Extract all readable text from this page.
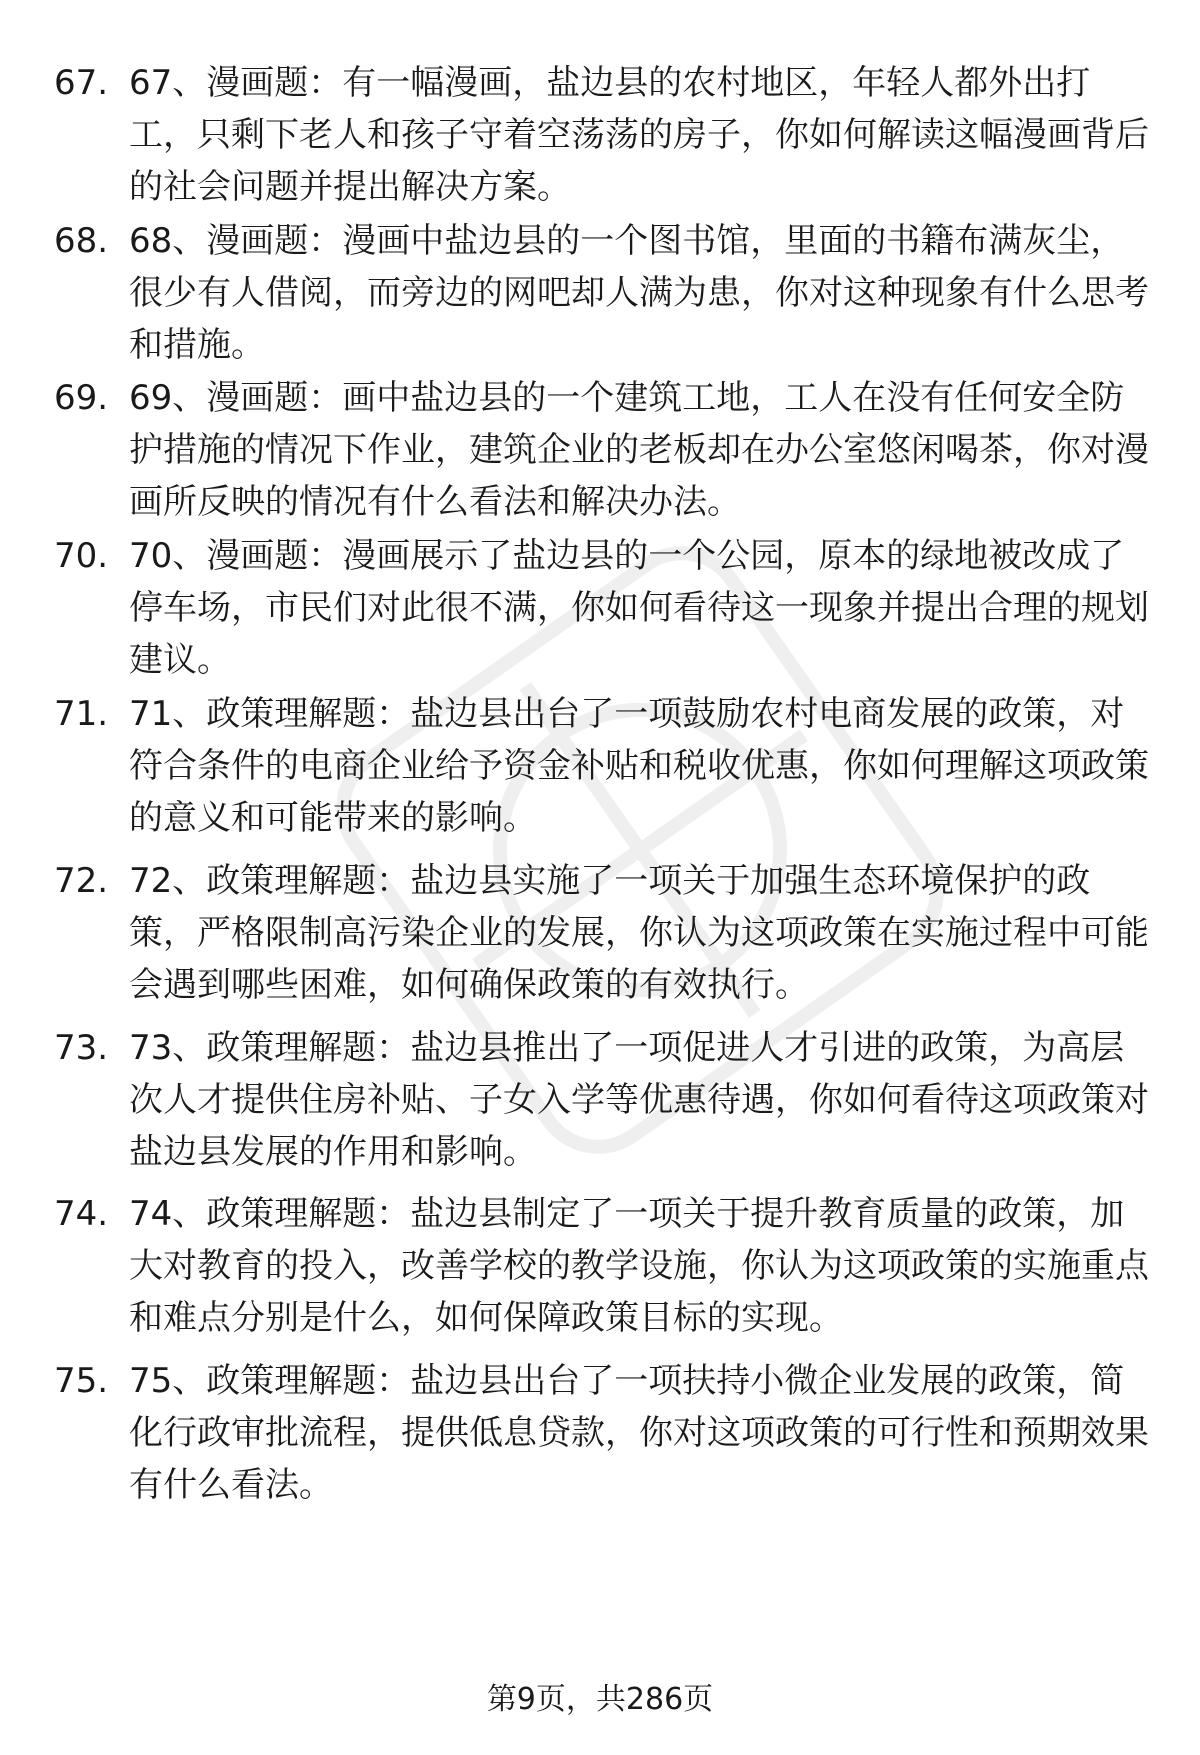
67. 67、漫画题：有一幅漫画，盐边县的农村地区，年轻人都外出打工，只剩下老人和孩子守着空荡荡的房子，你如何解读这幅漫画背后的社会问题并提出解决方案。
68. 68、漫画题：漫画中盐边县的一个图书馆，里面的书籍布满灰尘，很少有人借阅，而旁边的网吧却人满为患，你对这种现象有什么思考和措施。
69. 69、漫画题：画中盐边县的一个建筑工地，工人在没有任何安全防护措施的情况下作业，建筑企业的老板却在办公室悠闲喝茶，你对漫画所反映的情况有什么看法和解决办法。
70. 70、漫画题：漫画展示了盐边县的一个公园，原本的绿地被改成了停车场，市民们对此很不满，你如何看待这一现象并提出合理的规划建议。
71. 71、政策理解题：盐边县出台了一项鼓励农村电商发展的政策，对符合条件的电商企业给予资金补贴和税收优惠，你如何理解这项政策的意义和可能带来的影响。
72. 72、政策理解题：盐边县实施了一项关于加强生态环境保护的政策，严格限制高污染企业的发展，你认为这项政策在实施过程中可能会遇到哪些困难，如何确保政策的有效执行。
73. 73、政策理解题：盐边县推出了一项促进人才引进的政策，为高层次人才提供住房补贴、子女入学等优惠待遇，你如何看待这项政策对盐边县发展的作用和影响。
74. 74、政策理解题：盐边县制定了一项关于提升教育质量的政策，加大对教育的投入，改善学校的教学设施，你认为这项政策的实施重点和难点分别是什么，如何保障政策目标的实现。
75. 75、政策理解题：盐边县出台了一项扶持小微企业发展的政策，简化行政审批流程，提供低息贷款，你对这项政策的可行性和预期效果有什么看法。
第9页，共286页
